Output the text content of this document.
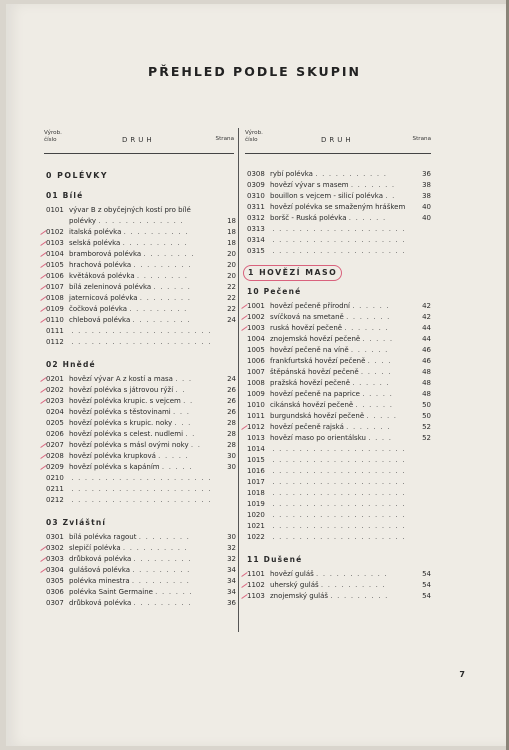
PŘEHLED PODLE SKUPIN
Výrob.
číslo	DRUH	Strana
Výrob.
číslo	DRUH	Strana
0 POLÉVKY
01 Bílé
0101 vývar B z obyčejných kostí pro bílé
polévky . . . . . . . . . . . . .	18
0102 italská polévka . . . . . . . . . .	18
0103 selská polévka . . . . . . . . . .	18
0104 bramborová polévka . . . . . . . .	20
0105 hrachová polévka . . . . . . . . .	20
0106 květáková polévka . . . . . . . .	20
0107 bílá zeleninová polévka . . . . . .	22
0108 jaternicová polévka . . . . . . . .	22
0109 čočková polévka . . . . . . . . .	22
0110 chlebová polévka . . . . . . . . .	24
0111 . . . . . . . . . . . . . . . . . . . . .
0112 . . . . . . . . . . . . . . . . . . . . .
02 Hnědé
0201 hovězí vývar A z kostí a masa . . .	24
0202 hovězí polévka s játrovou rýží . .	26
0203 hovězí polévka krupic. s vejcem . .	26
0204 hovězí polévka s těstovinami . . .	26
0205 hovězí polévka s krupic. noky . . .	28
0206 hovězí polévka s celest. nudlemi . .	28
0207 hovězí polévka s másl ovými noky . .	28
0208 hovězí polévka krupková . . . . .	30
0209 hovězí polévka s kapáním . . . . .	30
0210 . . . . . . . . . . . . . . . . . . . . .
0211 . . . . . . . . . . . . . . . . . . . . .
0212 . . . . . . . . . . . . . . . . . . . . .
03 Zvláštní
0301 bílá polévka ragout . . . . . . . .	30
0302 slepičí polévka . . . . . . . . . .	32
0303 drůbková polévka . . . . . . . . .	32
0304 gulášová polévka . . . . . . . . .	34
0305 polévka minestra . . . . . . . . .	34
0306 polévka Saint Germaine . . . . . .	34
0307 drůbková polévka . . . . . . . . .	36
0308 rybí polévka . . . . . . . . . . .	36
0309 hovězí vývar s masem . . . . . . .	38
0310 bouillon s vejcem - silicí polévka . .	38
0311 hovězí polévka se smaženým hráškem 40
0312 boršč - Ruská polévka . . . . . .	40
0313 . . . . . . . . . . . . . . . . . . . .
0314 . . . . . . . . . . . . . . . . . . . .
0315 . . . . . . . . . . . . . . . . . . . .
1 HOVĚZÍ MASO
10 Pečené
1001 hovězí pečeně přírodní . . . . . .	42
1002 svíčková na smetaně . . . . . . .	42
1003 ruská hovězí pečeně . . . . . . .	44
1004 znojemská hovězí pečeně . . . . .	44
1005 hovězí pečeně na víně . . . . . .	46
1006 frankfurtská hovězí pečeně . . . .	46
1007 štěpánská hovězí pečeně . . . . .	48
1008 pražská hovězí pečeně . . . . . .	48
1009 hovězí pečeně na paprice . . . . .	48
1010 cikánská hovězí pečeně . . . . . .	50
1011 burgundská hovězí pečeně . . . . .	50
1012 hovězí pečeně rajská . . . . . . .	52
1013 hovězí maso po orientálsku . . . .	52
1014 . . . . . . . . . . . . . . . . . . . .
1015 . . . . . . . . . . . . . . . . . . . .
1016 . . . . . . . . . . . . . . . . . . . .
1017 . . . . . . . . . . . . . . . . . . . .
1018 . . . . . . . . . . . . . . . . . . . .
1019 . . . . . . . . . . . . . . . . . . . .
1020 . . . . . . . . . . . . . . . . . . . .
1021 . . . . . . . . . . . . . . . . . . . .
1022 . . . . . . . . . . . . . . . . . . . .
11 Dušené
1101 hovězí guláš . . . . . . . . . . .	54
1102 uherský guláš . . . . . . . . . .	54
1103 znojemský guláš . . . . . . . . .	54
7
